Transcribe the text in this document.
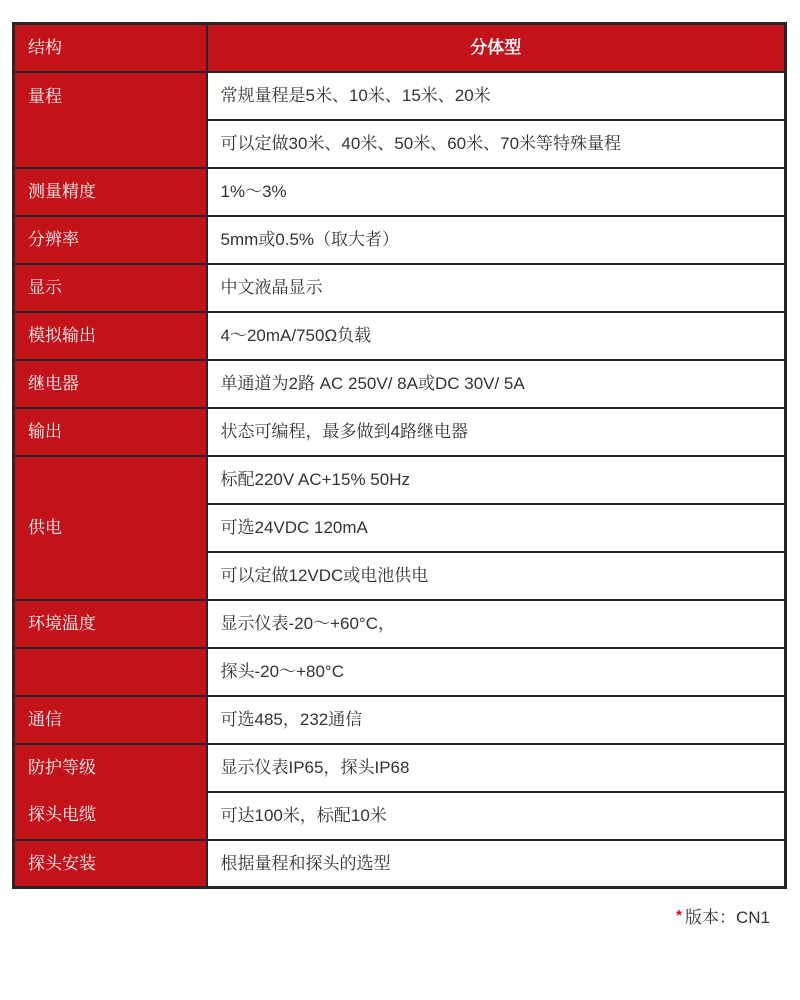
结构	分体型
量程	常规量程是5米、10米、15米、20米
	可以定做30米、40米、50米、60米、70米等特殊量程
测量精度	1%～3%
分辨率	5mm或0.5%（取大者）
显示	中文液晶显示
模拟输出	4～20mA/750Ω负载
继电器	单通道为2路 AC 250V/ 8A或DC 30V/ 5A
输出	状态可编程，最多做到4路继电器
供电	标配220V AC+15% 50Hz
	可选24VDC 120mA
	可以定做12VDC或电池供电
环境温度	显示仪表-20～+60°C，
	探头-20～+80°C
通信	可选485，232通信
防护等级	显示仪表IP65，探头IP68
探头电缆	可达100米，标配10米
探头安装	根据量程和探头的选型
* 版本：CN1
